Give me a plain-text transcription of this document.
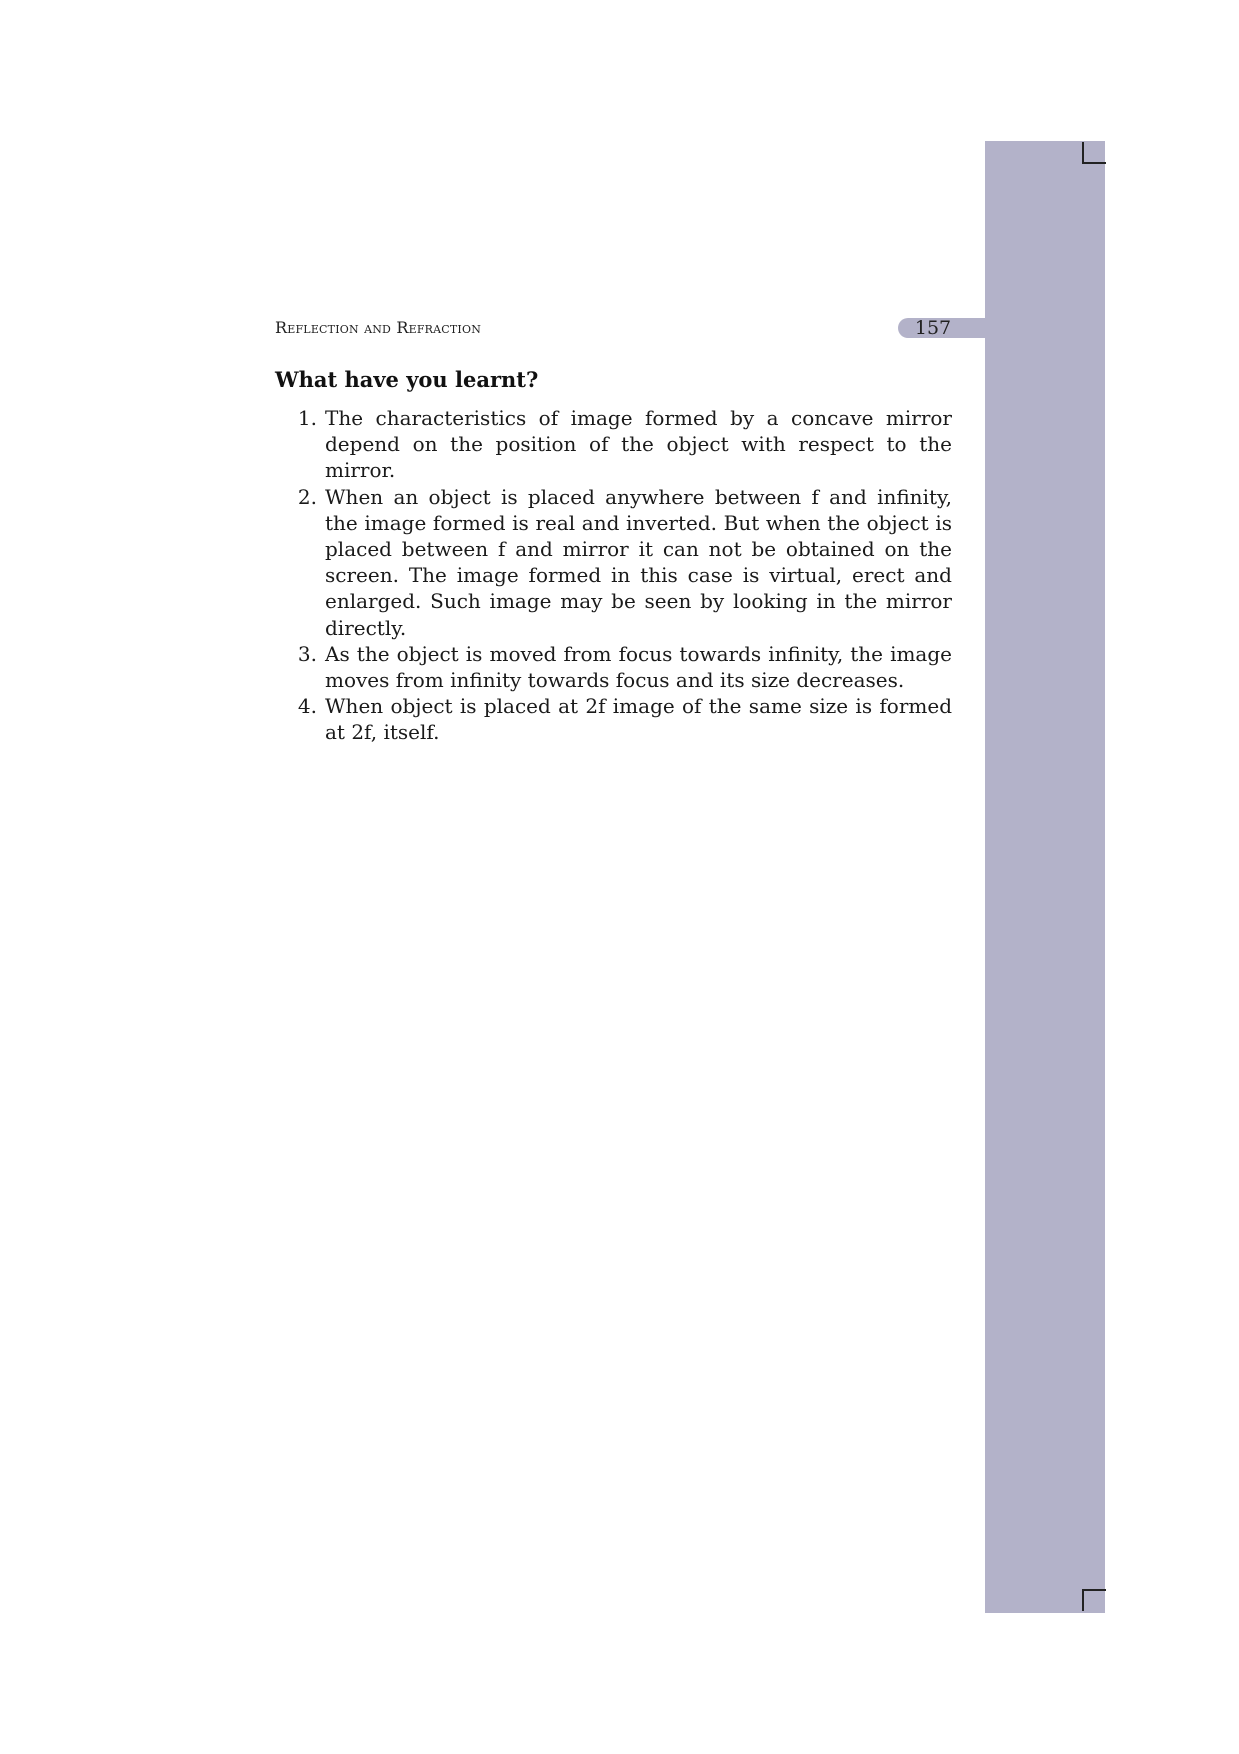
Reflection and Refraction	157
What have you learnt?
1. The characteristics of image formed by a concave mirror depend on the position of the object with respect to the mirror.
2. When an object is placed anywhere between f and infinity, the image formed is real and inverted. But when the object is placed between f and mirror it can not be obtained on the screen. The image formed in this case is virtual, erect and enlarged. Such image may be seen by looking in the mirror directly.
3. As the object is moved from focus towards infinity, the image moves from infinity towards focus and its size decreases.
4. When object is placed at 2f image of the same size is formed at 2f, itself.
